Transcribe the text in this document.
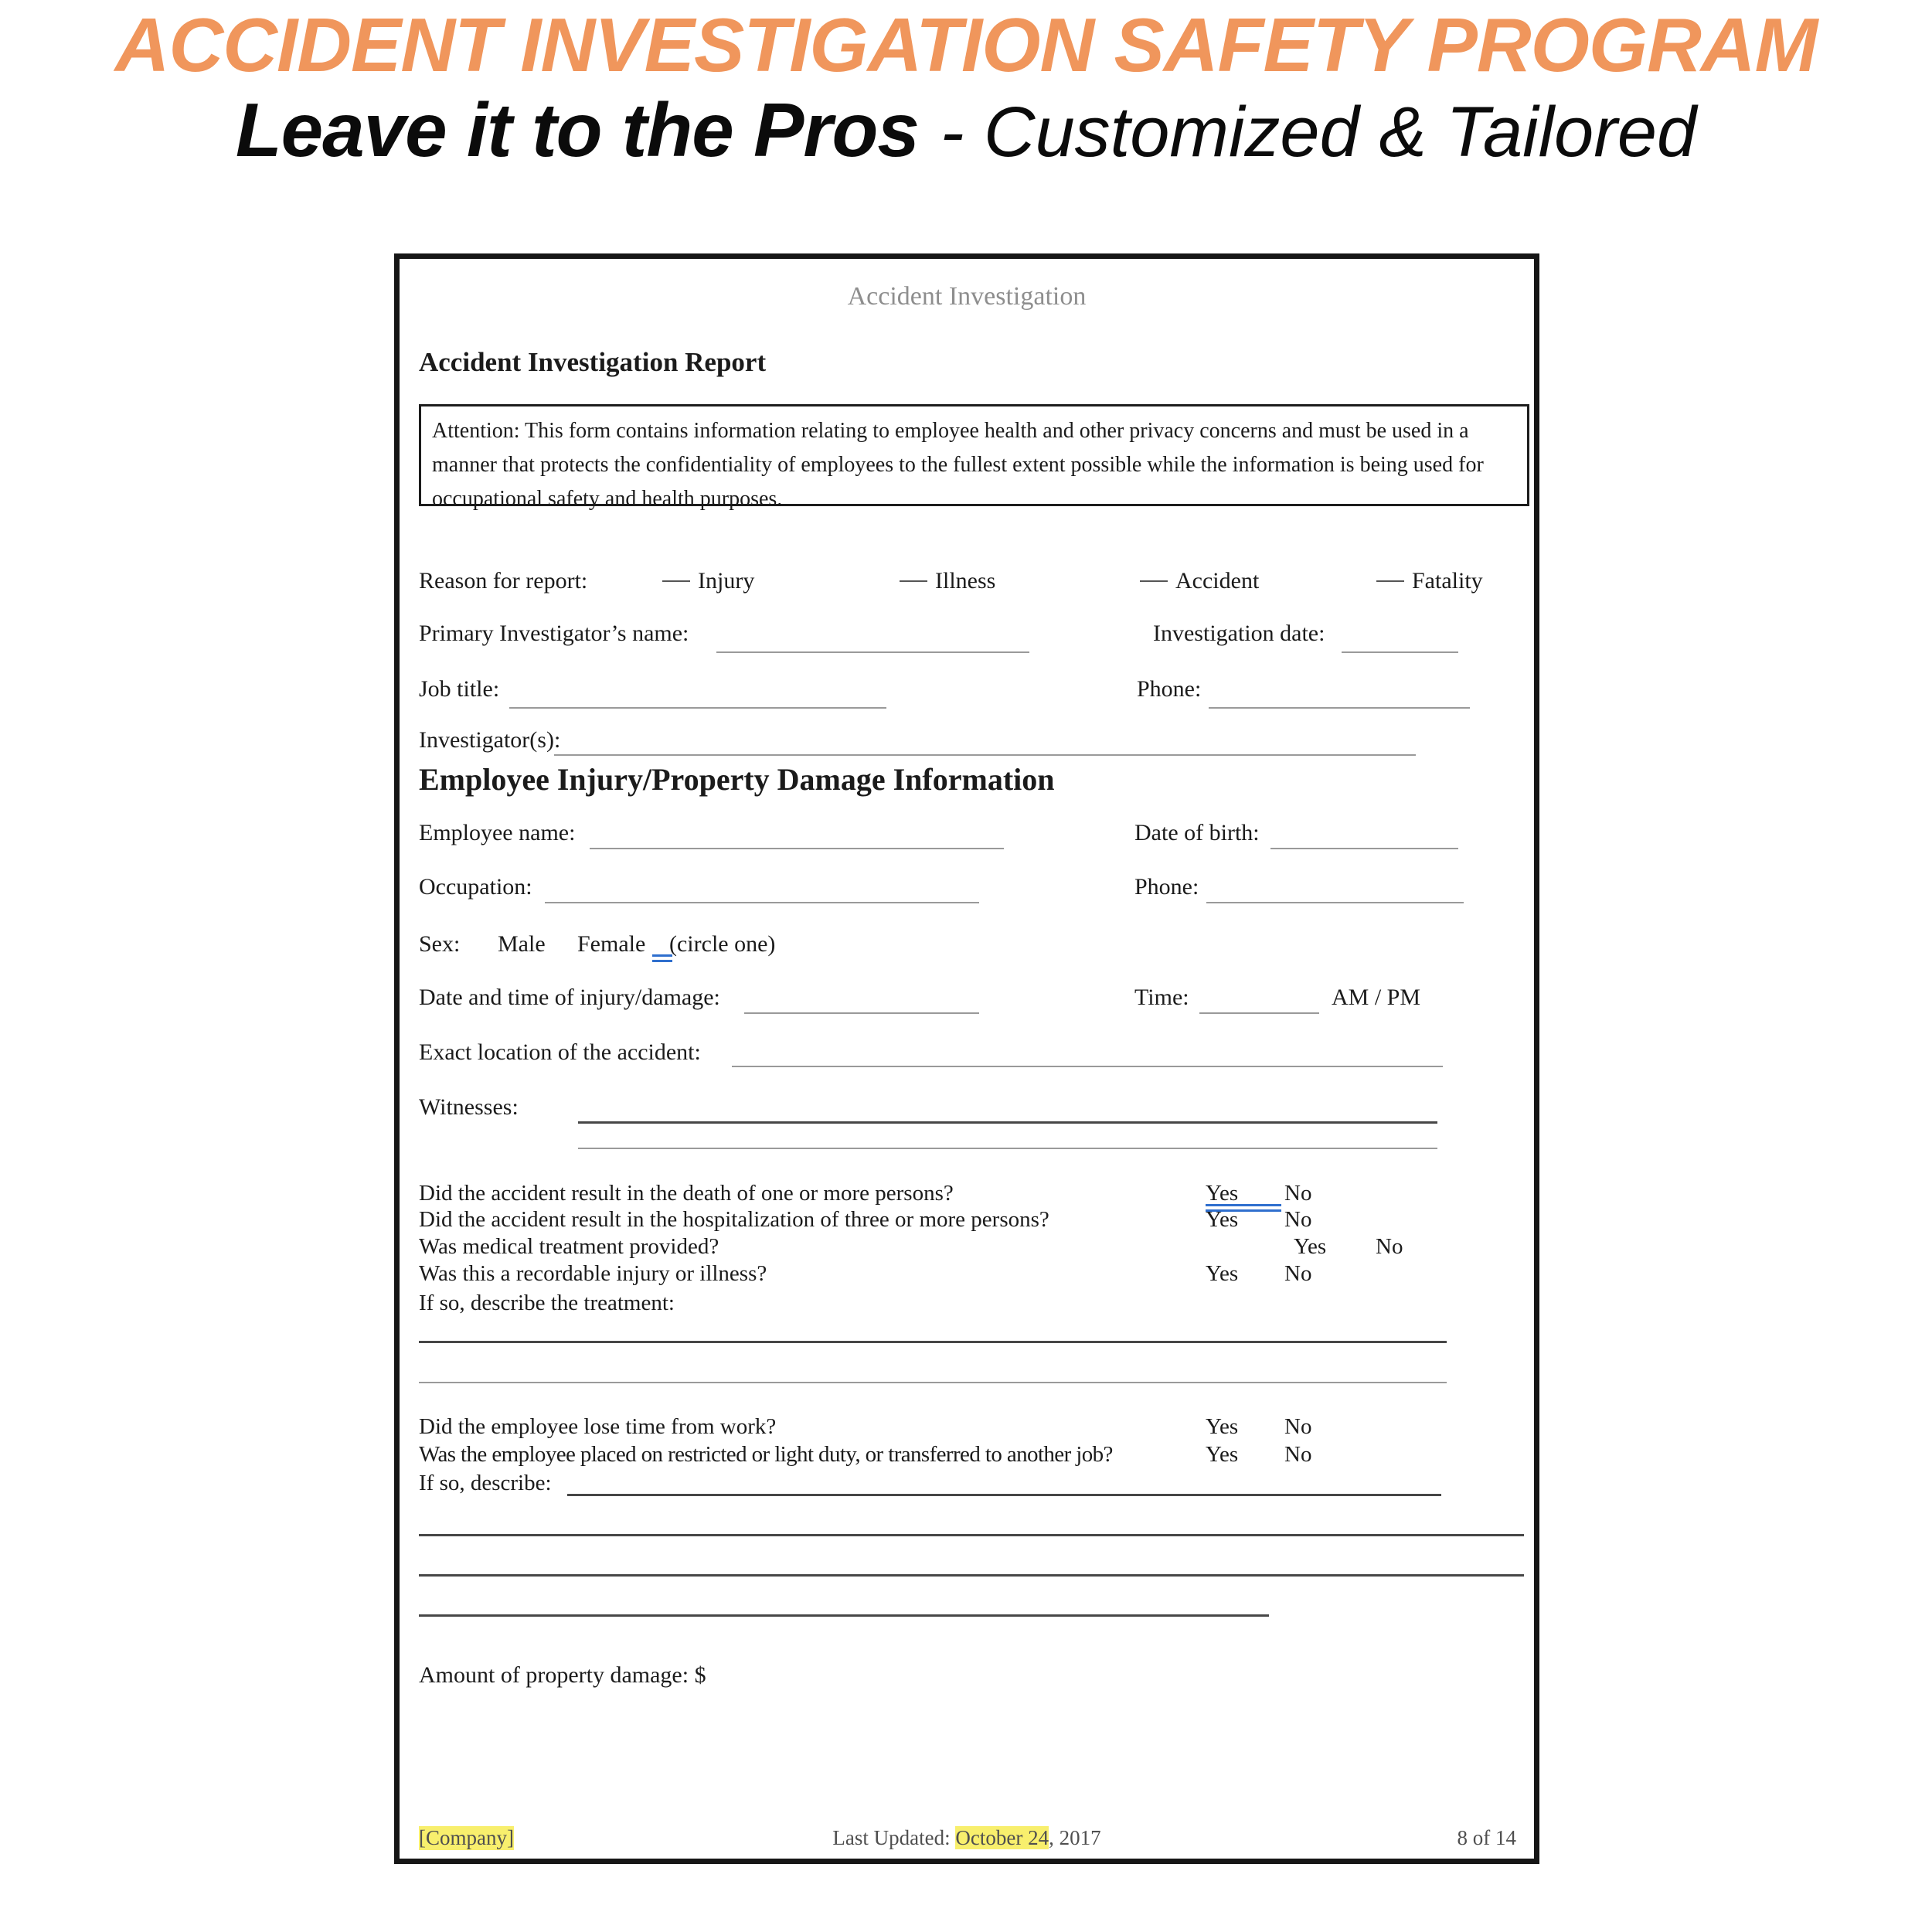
ACCIDENT INVESTIGATION SAFETY PROGRAM
Leave it to the Pros - Customized & Tailored
Accident Investigation
Accident Investigation Report
Attention: This form contains information relating to employee health and other privacy concerns and must be used in a manner that protects the confidentiality of employees to the fullest extent possible while the information is being used for occupational safety and health purposes.
Reason for report:	Injury	Illness	Accident	Fatality
Primary Investigator’s name:	Investigation date:
Job title:	Phone:
Investigator(s):
Employee Injury/Property Damage Information
Employee name:	Date of birth:
Occupation:	Phone:
Sex: Male Female (circle one)
Date and time of injury/damage:	Time:	AM / PM
Exact location of the accident:
Witnesses:
Did the accident result in the death of one or more persons?	Yes No
Did the accident result in the hospitalization of three or more persons?	Yes No
Was medical treatment provided?	Yes No
Was this a recordable injury or illness?	Yes No
If so, describe the treatment:
Did the employee lose time from work?	Yes No
Was the employee placed on restricted or light duty, or transferred to another job?	Yes No
If so, describe:
Amount of property damage: $
[Company]	Last Updated: October 24, 2017	8 of 14
